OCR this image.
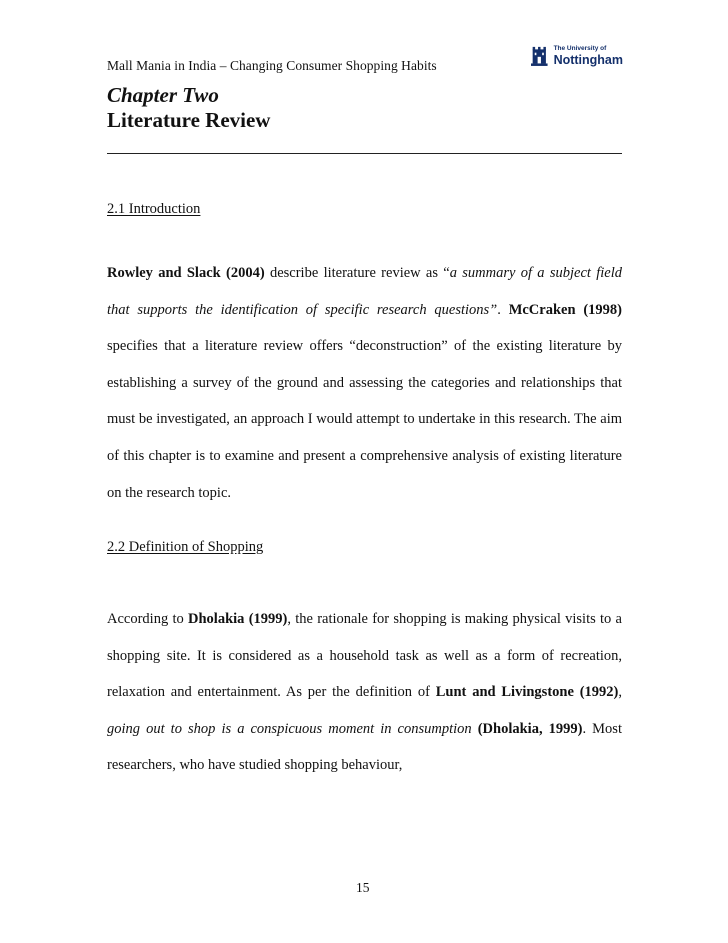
Mall Mania in India – Changing Consumer Shopping Habits
The University of
Nottingham
Chapter Two
Literature Review
2.1 Introduction

Rowley and Slack (2004) describe literature review as “a summary of a subject field that supports the identification of specific research questions”. McCraken (1998) specifies that a literature review offers “deconstruction” of the existing literature by establishing a survey of the ground and assessing the categories and relationships that must be investigated, an approach I would attempt to undertake in this research. The aim of this chapter is to examine and present a comprehensive analysis of existing literature on the research topic.

2.2 Definition of Shopping

According to Dholakia (1999), the rationale for shopping is making physical visits to a shopping site. It is considered as a household task as well as a form of recreation, relaxation and entertainment. As per the definition of Lunt and Livingstone (1992), going out to shop is a conspicuous moment in consumption (Dholakia, 1999). Most researchers, who have studied shopping behaviour,

15
